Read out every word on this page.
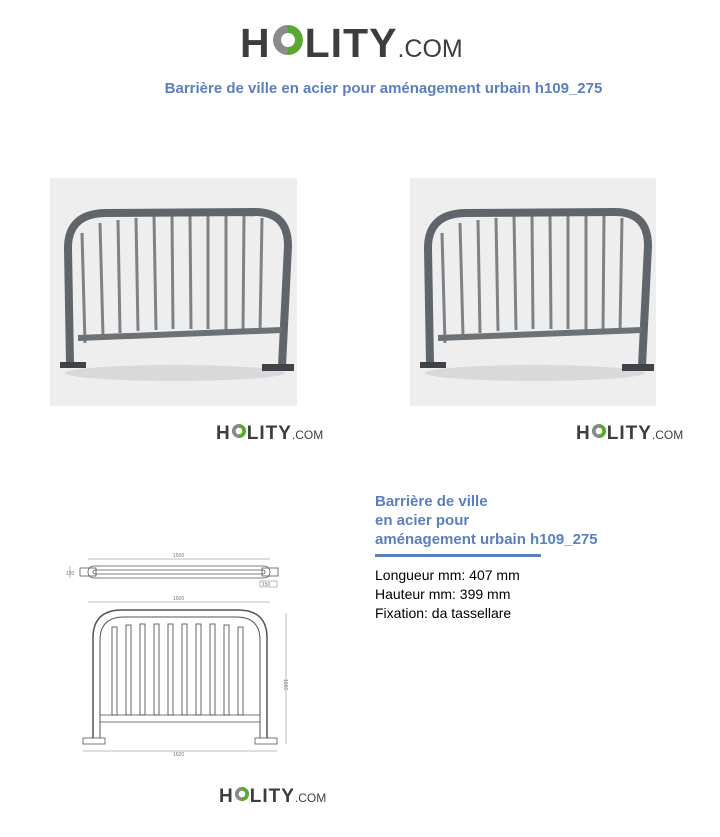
H LITY .COM
Barrière de ville en acier pour aménagement urbain h109_275
H LITY .COM	H LITY .COM
1500
120
150
1500
1000
1620
H LITY .COM
Barrière de ville
en acier pour
aménagement urbain h109_275
Longueur mm: 407 mm
Hauteur mm: 399 mm
Fixation: da tassellare
